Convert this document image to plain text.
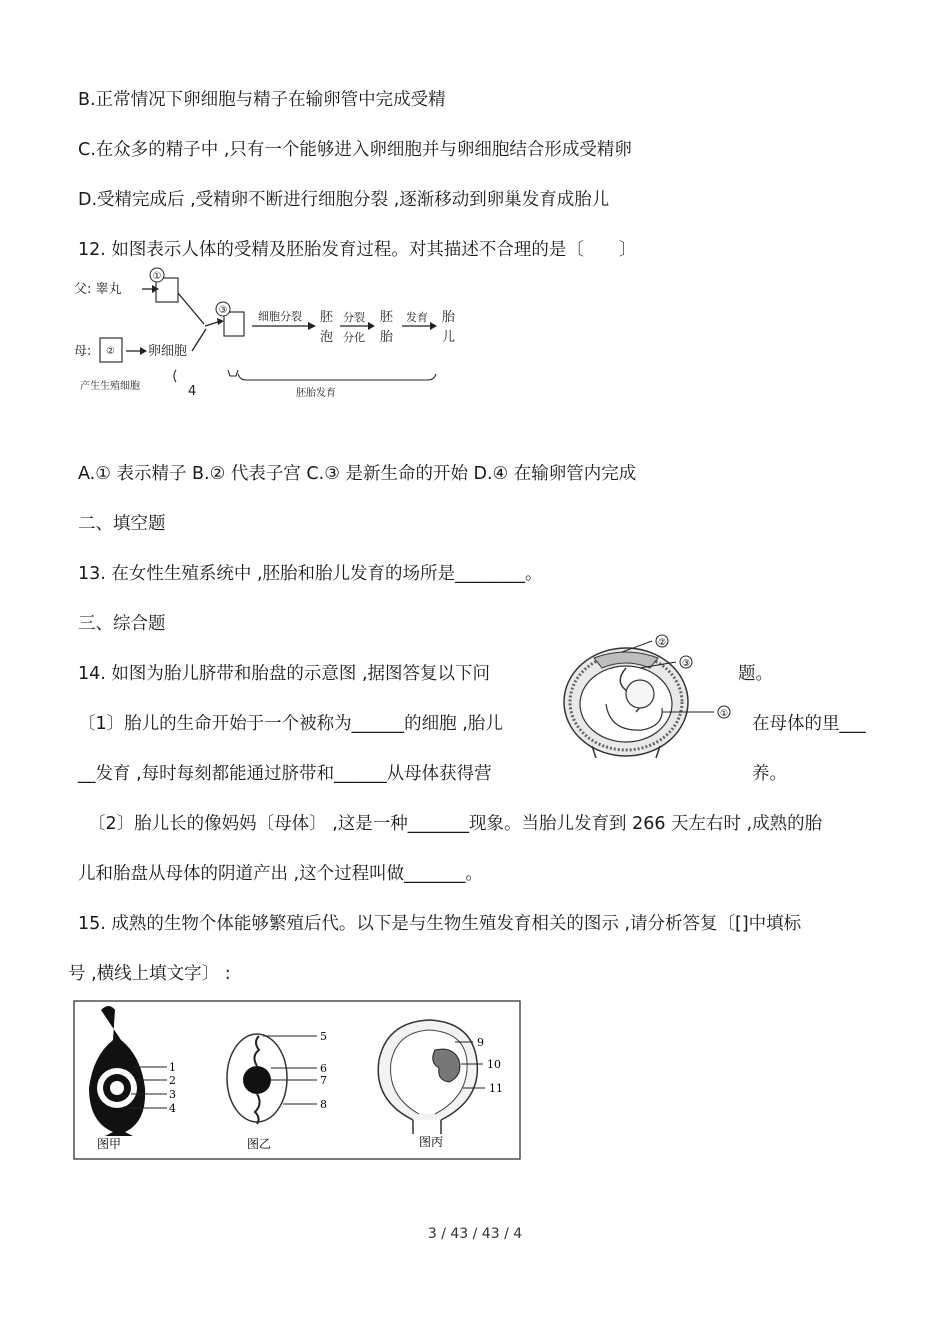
B.正常情况下卵细胞与精子在输卵管中完成受精
C.在众多的精子中 ,只有一个能够进入卵细胞并与卵细胞结合形成受精卵
D.受精完成后 ,受精卵不断进行细胞分裂 ,逐渐移动到卵巢发育成胎儿
12. 如图表示人体的受精及胚胎发育过程。对其描述不合理的是〔　　〕
父: 睾丸
①
母: ②	卵细胞
③	细胞分裂 胚
泡
分裂
分化
胚
胎
发育 胎
儿
产生生殖细胞	4	胚胎发育
A.① 表示精子 B.② 代表子宫 C.③ 是新生命的开始 D.④ 在输卵管内完成
二、填空题
13. 在女性生殖系统中 ,胚胎和胎儿发育的场所是________。
三、综合题
14. 如图为胎儿脐带和胎盘的示意图 ,据图答复以下问	题。
〔1〕胎儿的生命开始于一个被称为______的细胞 ,胎儿	在母体的里___
__发育 ,每时每刻都能通过脐带和______从母体获得营	养。
②
③
①
〔2〕胎儿长的像妈妈〔母体〕 ,这是一种_______现象。当胎儿发育到 266 天左右时 ,成熟的胎
儿和胎盘从母体的阴道产出 ,这个过程叫做_______。
15. 成熟的生物个体能够繁殖后代。以下是与生物生殖发育相关的图示 ,请分析答复〔[]中填标
号 ,横线上填文字〕 :
1
2
3
4
图甲
5
6
7
8
图乙
9
10
11
图丙
3 / 43 / 43 / 4
